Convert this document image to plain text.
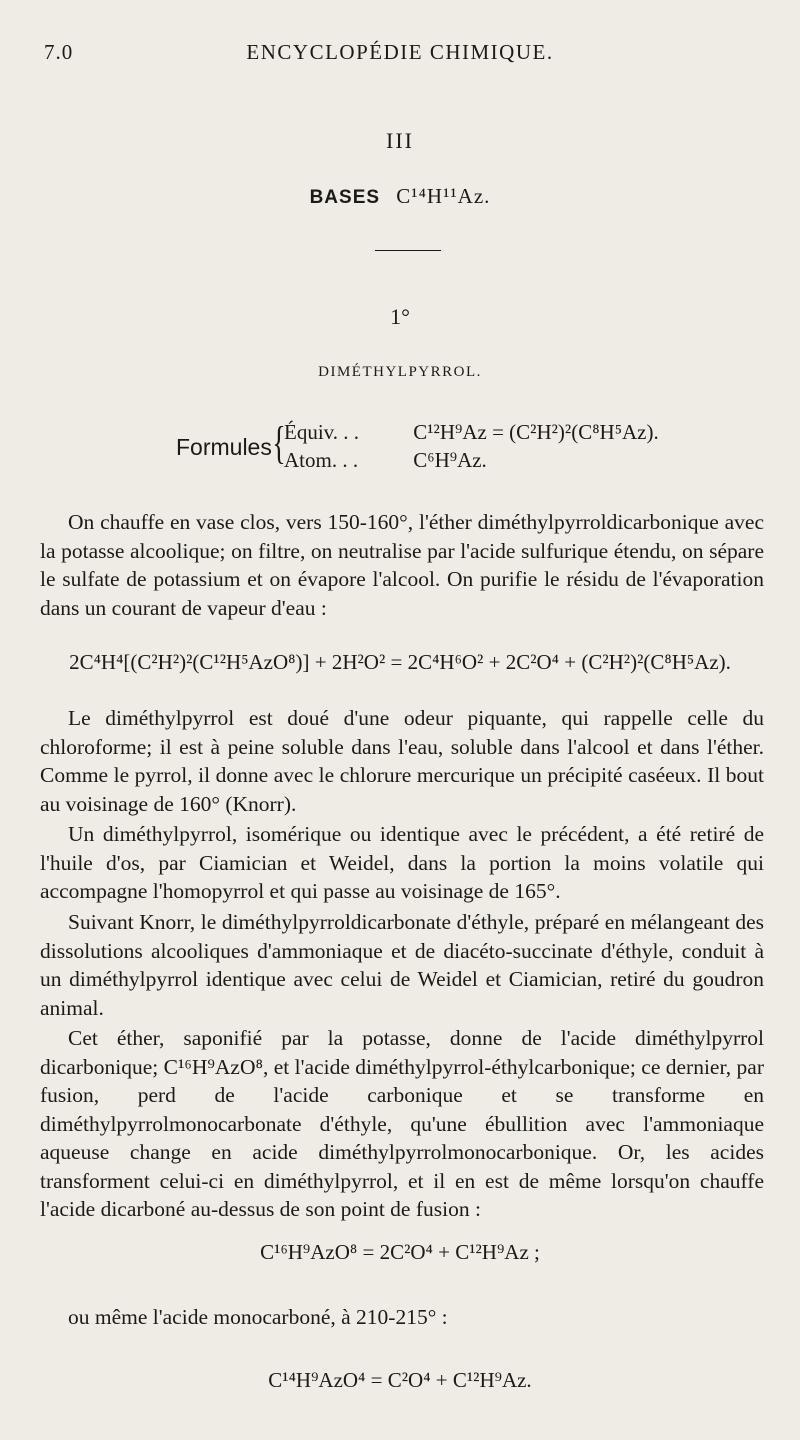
7.0	ENCYCLOPÉDIE CHIMIQUE.
III
BASES C¹⁴H¹¹Az.
1°
DIMÉTHYLPYRROL.
Formules {
Équiv. . .	C¹²H⁹Az = (C²H²)²(C⁸H⁵Az).
Atom. . .	C⁶H⁹Az.

On chauffe en vase clos, vers 150-160°, l'éther diméthylpyrroldicarbonique avec la potasse alcoolique; on filtre, on neutralise par l'acide sulfurique étendu, on sépare le sulfate de potassium et on évapore l'alcool. On purifie le résidu de l'évaporation dans un courant de vapeur d'eau :

2C⁴H⁴[(C²H²)²(C¹²H⁵AzO⁸)] + 2H²O² = 2C⁴H⁶O² + 2C²O⁴ + (C²H²)²(C⁸H⁵Az).

Le diméthylpyrrol est doué d'une odeur piquante, qui rappelle celle du chloroforme; il est à peine soluble dans l'eau, soluble dans l'alcool et dans l'éther. Comme le pyrrol, il donne avec le chlorure mercurique un précipité caséeux. Il bout au voisinage de 160° (Knorr).

Un diméthylpyrrol, isomérique ou identique avec le précédent, a été retiré de l'huile d'os, par Ciamician et Weidel, dans la portion la moins volatile qui accompagne l'homopyrrol et qui passe au voisinage de 165°.

Suivant Knorr, le diméthylpyrroldicarbonate d'éthyle, préparé en mélangeant des dissolutions alcooliques d'ammoniaque et de diacéto-succinate d'éthyle, conduit à un diméthylpyrrol identique avec celui de Weidel et Ciamician, retiré du goudron animal.

Cet éther, saponifié par la potasse, donne de l'acide diméthylpyrrol dicarbonique; C¹⁶H⁹AzO⁸, et l'acide diméthylpyrrol-éthylcarbonique; ce dernier, par fusion, perd de l'acide carbonique et se transforme en diméthylpyrrolmonocarbonate d'éthyle, qu'une ébullition avec l'ammoniaque aqueuse change en acide diméthylpyrrolmonocarbonique. Or, les acides transforment celui-ci en diméthylpyrrol, et il en est de même lorsqu'on chauffe l'acide dicarboné au-dessus de son point de fusion :

C¹⁶H⁹AzO⁸ = 2C²O⁴ + C¹²H⁹Az ;

ou même l'acide monocarboné, à 210-215° :

C¹⁴H⁹AzO⁴ = C²O⁴ + C¹²H⁹Az.
